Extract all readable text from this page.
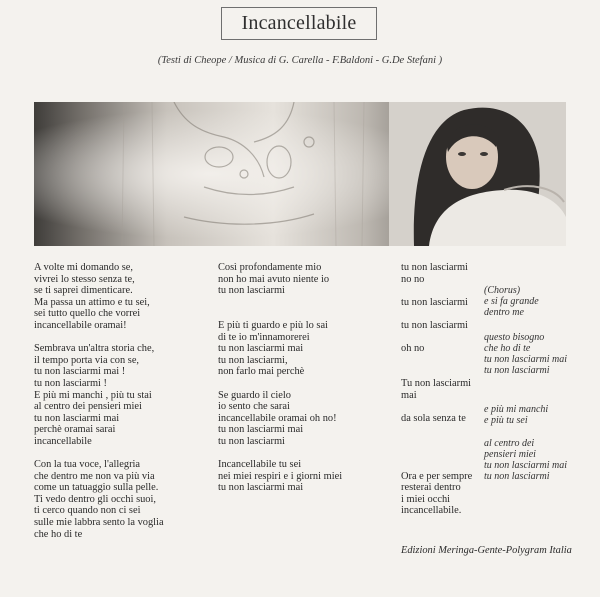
Incancellabile
(Testi di Cheope / Musica di G. Carella - F.Baldoni - G.De Stefani )
A volte mi domando se,
vivrei lo stesso senza te,
se ti saprei dimenticare.
Ma passa un attimo e tu sei,
sei tutto quello che vorrei
incancellabile oramai!
Sembrava un'altra storia che,
il tempo porta via con se,
tu non lasciarmi mai !
tu non lasciarmi !
E più mi manchi , più tu stai
al centro dei pensieri miei
tu non lasciarmi mai
perchè oramai sarai
incancellabile
Con la tua voce, l'allegria
che dentro me non va più via
come un tatuaggio sulla pelle.
Ti vedo dentro gli occhi suoi,
ti cerco quando non ci sei
sulle mie labbra sento la voglia
che ho di te
Così profondamente mio
non ho mai avuto niente io
tu non lasciarmi
E più ti guardo e più lo sai
di te io m'innamorerei
tu non lasciarmi mai
tu non lasciarmi,
non farlo mai perchè
Se guardo il cielo
io sento che sarai
incancellabile oramai oh no!
tu non lasciarmi mai
tu non lasciarmi
Incancellabile tu sei
nei miei respiri e i giorni miei
tu non lasciarmi mai
tu non lasciarmi
no no
tu non lasciarmi
tu non lasciarmi
oh no
Tu non lasciarmi
mai
da sola senza te
Ora e per sempre
resterai dentro
i miei occhi
incancellabile.
(Chorus)
e si fa grande
dentro me
questo bisogno
che ho di te
tu non lasciarmi mai
tu non lasciarmi
e più mi manchi
e più tu sei
al centro dei
pensieri miei
tu non lasciarmi mai
tu non lasciarmi
Edizioni Meringa-Gente-Polygram Italia
